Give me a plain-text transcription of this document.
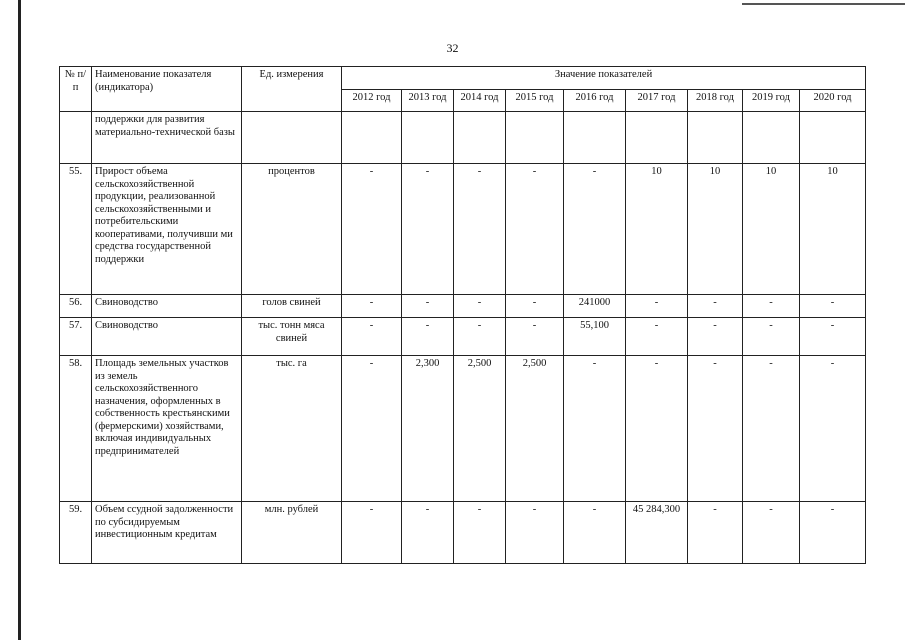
32
№ п/п	Наименование показателя (индикатора)	Ед. измерения	Значение показателей								
			2012 год	2013 год	2014 год	2015 год	2016 год	2017 год	2018 год	2019 год	2020 год
	поддержки для развития материально-технической базы										
55.	Прирост объема сельскохозяйственной продукции, реализованной сельскохозяйственными и потребительскими кооперативами, получивши ми средства государственной поддержки	процентов	-	-	-	-	-	10	10	10	10
56.	Свиноводство	голов свиней	-	-	-	-	241000	-	-	-	-
57.	Свиноводство	тыс. тонн мяса свиней	-	-	-	-	55,100	-	-	-	-
58.	Площадь земельных участков из земель сельскохозяйственного назначения, оформленных в собственность крестьянскими (фермерскими) хозяйствами, включая индивидуальных предпринимателей	тыс. га	-	2,300	2,500	2,500	-	-	-	-	-
59.	Объем ссудной задолженности по субсидируемым инвестиционным кредитам	млн. рублей	-	-	-	-	-	45 284,300	-	-	-
